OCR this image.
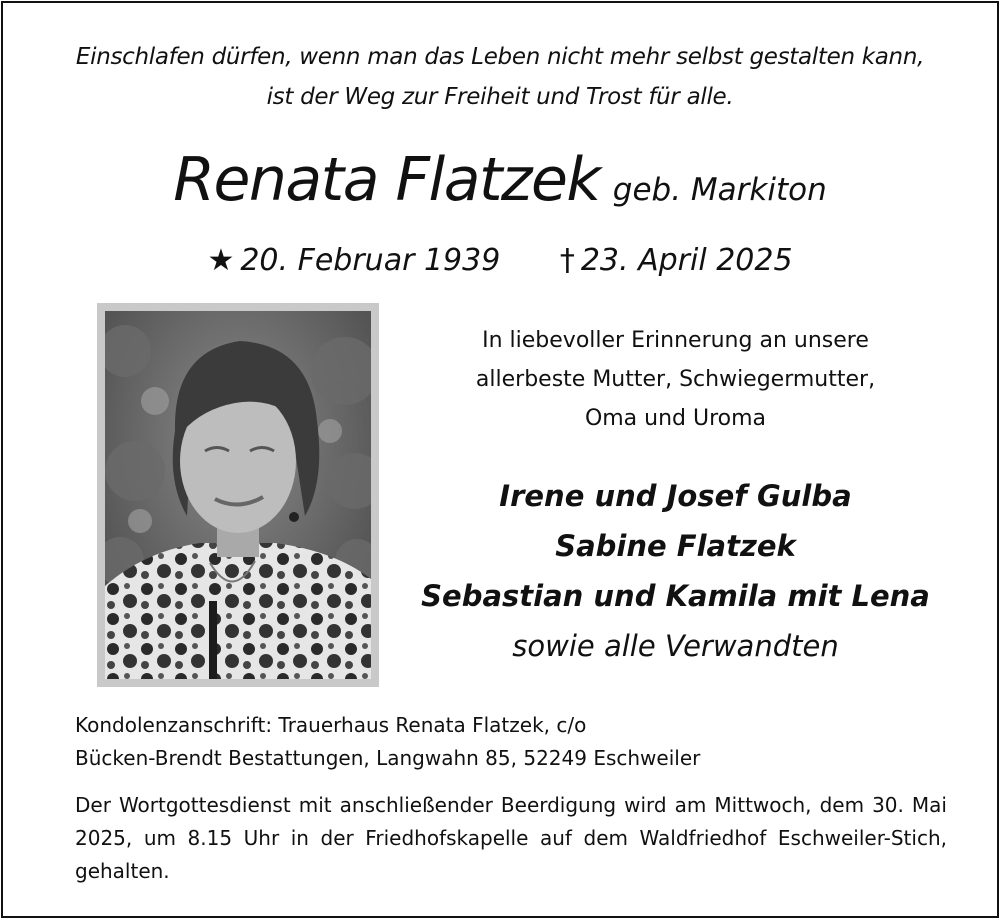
Einschlafen dürfen, wenn man das Leben nicht mehr selbst gestalten kann,
ist der Weg zur Freiheit und Trost für alle.
Renata Flatzek geb. Markiton
★ 20. Februar 1939 † 23. April 2025
In liebevoller Erinnerung an unsere
allerbeste Mutter, Schwiegermutter,
Oma und Uroma
Irene und Josef Gulba
Sabine Flatzek
Sebastian und Kamila mit Lena
sowie alle Verwandten
Kondolenzanschrift: Trauerhaus Renata Flatzek, c/o
Bücken-Brendt Bestattungen, Langwahn 85, 52249 Eschweiler
Der Wortgottesdienst mit anschließender Beerdigung wird am Mittwoch, dem 30. Mai 2025, um 8.15 Uhr in der Friedhofskapelle auf dem Waldfriedhof Eschweiler-Stich, gehalten.
